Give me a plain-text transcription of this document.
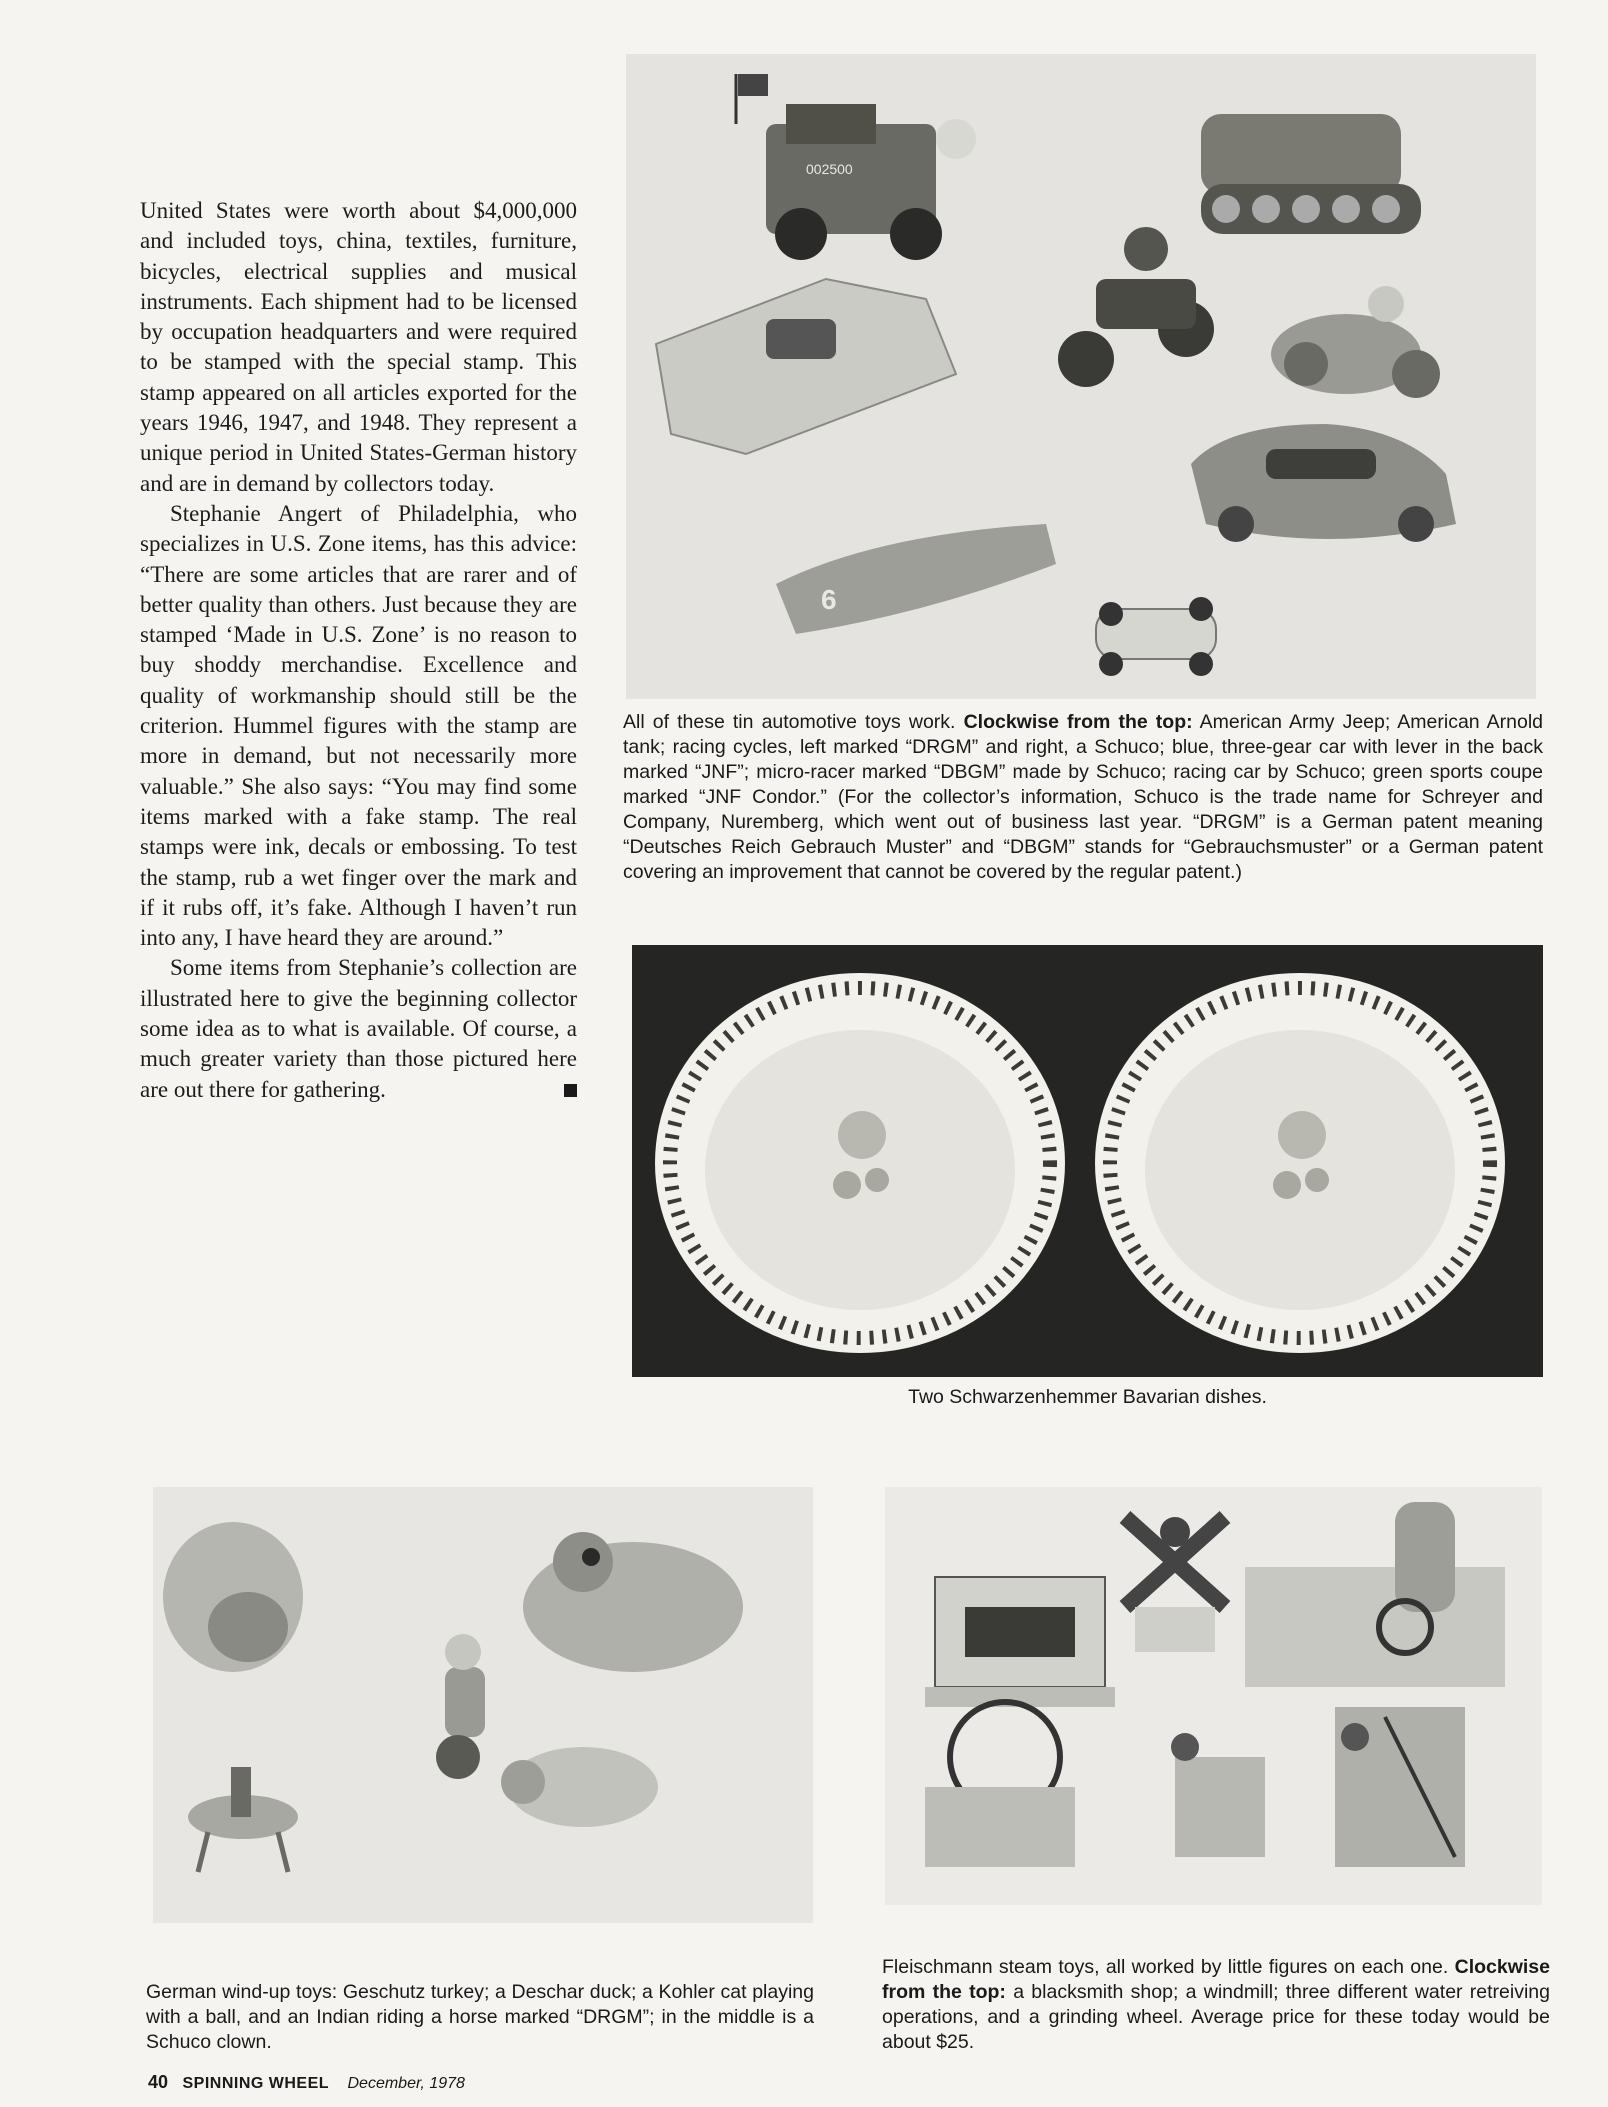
United States were worth about $4,000,000 and included toys, china, textiles, furniture, bicycles, electrical supplies and musical instruments. Each shipment had to be licensed by occupation headquarters and were required to be stamped with the special stamp. This stamp appeared on all articles exported for the years 1946, 1947, and 1948. They represent a unique period in United States-German history and are in demand by collectors today.

Stephanie Angert of Philadelphia, who specializes in U.S. Zone items, has this advice: “There are some articles that are rarer and of better quality than others. Just because they are stamped ‘Made in U.S. Zone’ is no reason to buy shoddy merchandise. Excellence and quality of workmanship should still be the criterion. Hummel figures with the stamp are more in demand, but not necessarily more valuable.” She also says: “You may find some items marked with a fake stamp. The real stamps were ink, decals or embossing. To test the stamp, rub a wet finger over the mark and if it rubs off, it’s fake. Although I haven’t run into any, I have heard they are around.”

Some items from Stephanie’s collection are illustrated here to give the beginning collector some idea as to what is available. Of course, a much greater variety than those pictured here are out there for gathering.

002500
6
All of these tin automotive toys work. Clockwise from the top: American Army Jeep; American Arnold tank; racing cycles, left marked “DRGM” and right, a Schuco; blue, three-gear car with lever in the back marked “JNF”; micro-racer marked “DBGM” made by Schuco; racing car by Schuco; green sports coupe marked “JNF Condor.” (For the collector’s information, Schuco is the trade name for Schreyer and Company, Nuremberg, which went out of business last year. “DRGM” is a German patent meaning “Deutsches Reich Gebrauch Muster” and “DBGM” stands for “Gebrauchsmuster” or a German patent covering an improvement that cannot be covered by the regular patent.)
Two Schwarzenhemmer Bavarian dishes.
German wind-up toys: Geschutz turkey; a Deschar duck; a Kohler cat playing with a ball, and an Indian riding a horse marked “DRGM”; in the middle is a Schuco clown.
Fleischmann steam toys, all worked by little figures on each one. Clockwise from the top: a blacksmith shop; a windmill; three different water retreiving operations, and a grinding wheel. Average price for these today would be about $25.
40 SPINNING WHEEL December, 1978
